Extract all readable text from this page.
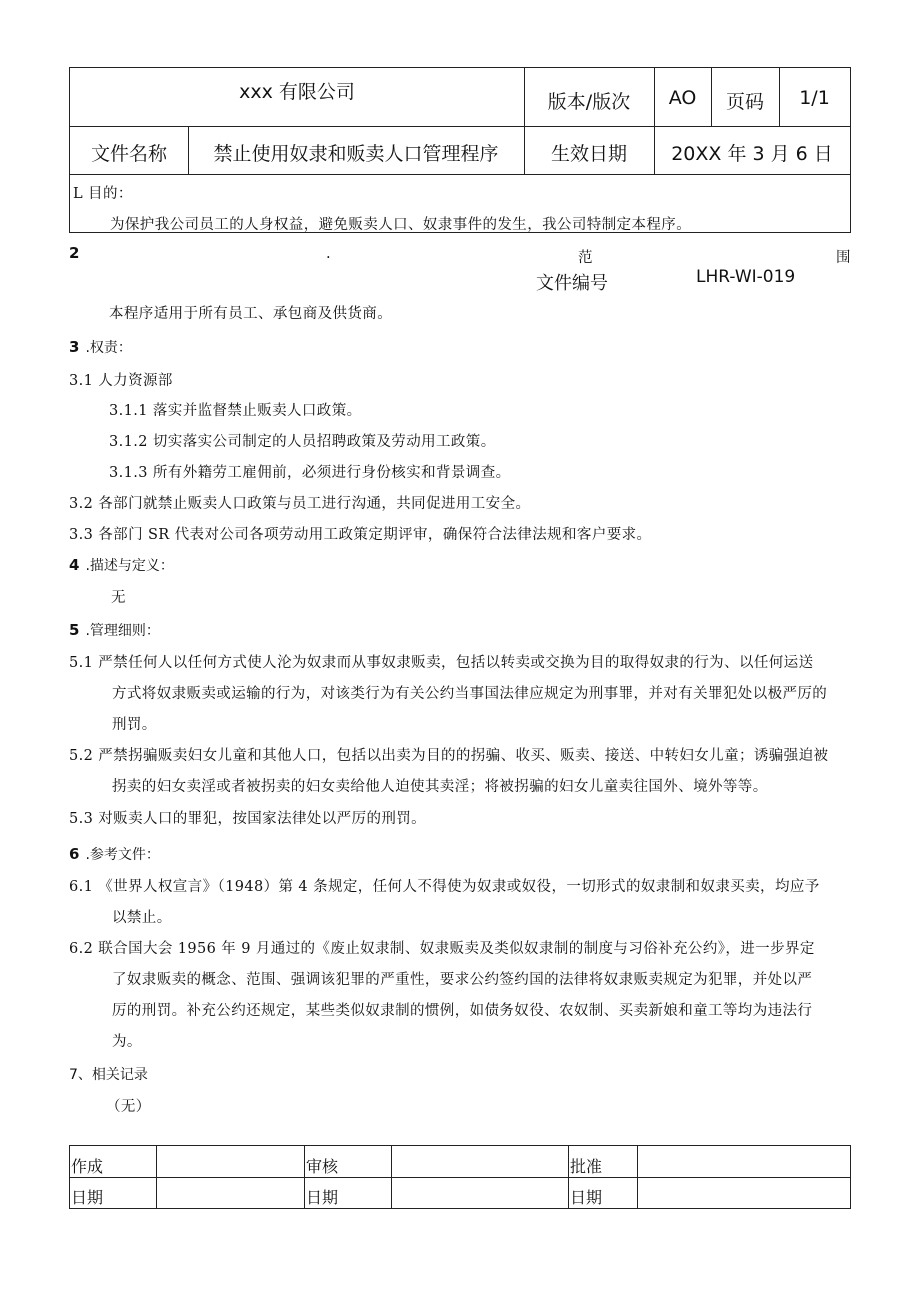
xxx 有限公司	版本/版次	AO	页码	1/1
文件名称	禁止使用奴隶和贩卖人口管理程序	生效日期	20XX 年 3 月 6 日
L 目的：
为保护我公司员工的人身权益，避免贩卖人口、奴隶事件的发生，我公司特制定本程序。
2	.	范	围
文件编号	LHR-WI-019
本程序适用于所有员工、承包商及供货商。
3 .权责：
3.1 人力资源部
3.1.1 落实并监督禁止贩卖人口政策。
3.1.2 切实落实公司制定的人员招聘政策及劳动用工政策。
3.1.3 所有外籍劳工雇佣前，必须进行身份核实和背景调查。
3.2 各部门就禁止贩卖人口政策与员工进行沟通，共同促进用工安全。
3.3 各部门 SR 代表对公司各项劳动用工政策定期评审，确保符合法律法规和客户要求。
4 .描述与定义：
无
5 .管理细则：
5.1 严禁任何人以任何方式使人沦为奴隶而从事奴隶贩卖，包括以转卖或交换为目的取得奴隶的行为、以任何运送
方式将奴隶贩卖或运输的行为，对该类行为有关公约当事国法律应规定为刑事罪，并对有关罪犯处以极严厉的
刑罚。
5.2 严禁拐骗贩卖妇女儿童和其他人口，包括以出卖为目的的拐骗、收买、贩卖、接送、中转妇女儿童；诱骗强迫被
拐卖的妇女卖淫或者被拐卖的妇女卖给他人迫使其卖淫；将被拐骗的妇女儿童卖往国外、境外等等。
5.3 对贩卖人口的罪犯，按国家法律处以严厉的刑罚。
6 .参考文件：
6.1 《世界人权宣言》（1948）第 4 条规定，任何人不得使为奴隶或奴役，一切形式的奴隶制和奴隶买卖，均应予
以禁止。
6.2 联合国大会 1956 年 9 月通过的《废止奴隶制、奴隶贩卖及类似奴隶制的制度与习俗补充公约》，进一步界定
了奴隶贩卖的概念、范围、强调该犯罪的严重性，要求公约签约国的法律将奴隶贩卖规定为犯罪，并处以严
厉的刑罚。补充公约还规定，某些类似奴隶制的惯例，如债务奴役、农奴制、买卖新娘和童工等均为违法行
为。
7、相关记录
（无）
作成	审核	批准
日期	日期	日期
